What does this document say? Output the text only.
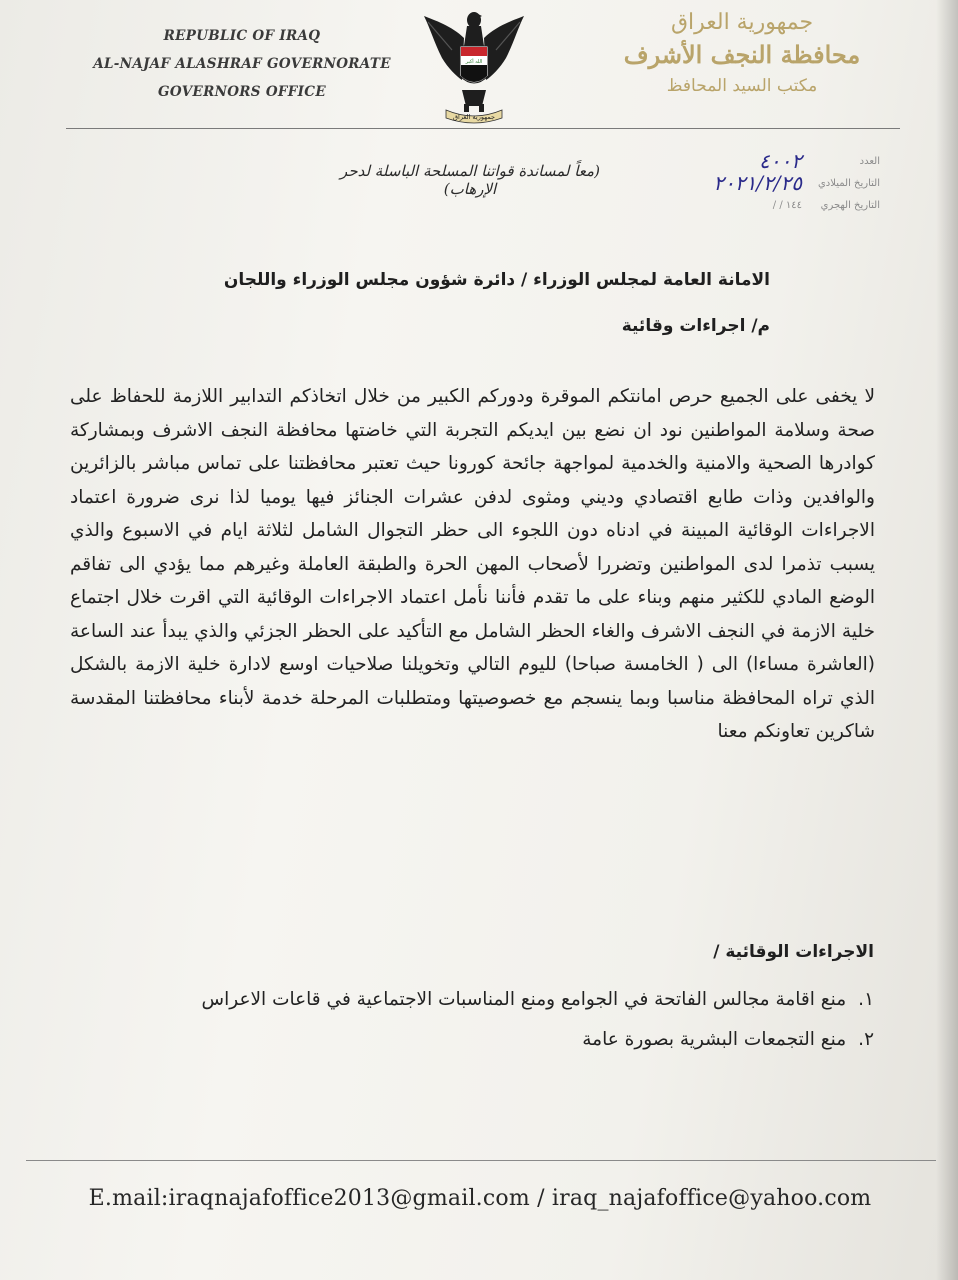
REPUBLIC OF IRAQ
AL-NAJAF ALASHRAF GOVERNORATE
GOVERNORS OFFICE
الله أكبر
جمهورية العراق
جمهورية العراق
محافظة النجف الأشرف
مكتب السيد المحافظ
(معاً لمساندة قواتنا المسلحة الباسلة لدحر الإرهاب)
العدد
٤٠٠٢
التاريخ الميلادي
٢٠٢١/٢/٢٥
التاريخ الهجري
/ / ١٤٤
الامانة العامة لمجلس الوزراء / دائرة شؤون مجلس الوزراء واللجان
م/ اجراءات وقائية
لا يخفى على الجميع حرص امانتكم الموقرة ودوركم الكبير من خلال اتخاذكم التدابير اللازمة للحفاظ على صحة وسلامة المواطنين نود ان نضع بين ايديكم التجربة التي خاضتها محافظة النجف الاشرف وبمشاركة كوادرها الصحية والامنية والخدمية لمواجهة جائحة كورونا حيث تعتبر محافظتنا على تماس مباشر بالزائرين والوافدين وذات طابع اقتصادي وديني ومثوى لدفن عشرات الجنائز فيها يوميا لذا نرى ضرورة اعتماد الاجراءات الوقائية المبينة في ادناه دون اللجوء الى حظر التجوال الشامل لثلاثة ايام في الاسبوع والذي يسبب تذمرا لدى المواطنين وتضررا لأصحاب المهن الحرة والطبقة العاملة وغيرهم مما يؤدي الى تفاقم الوضع المادي للكثير منهم وبناء على ما تقدم فأننا نأمل اعتماد الاجراءات الوقائية التي اقرت خلال اجتماع خلية الازمة في النجف الاشرف والغاء الحظر الشامل مع التأكيد على الحظر الجزئي والذي يبدأ عند الساعة (العاشرة مساءا) الى ( الخامسة صباحا) لليوم التالي وتخويلنا صلاحيات اوسع لادارة خلية الازمة بالشكل الذي تراه المحافظة مناسبا وبما ينسجم مع خصوصيتها ومتطلبات المرحلة خدمة لأبناء محافظتنا المقدسة شاكرين تعاونكم معنا
الاجراءات الوقائية /
١. منع اقامة مجالس الفاتحة في الجوامع ومنع المناسبات الاجتماعية في قاعات الاعراس
٢. منع التجمعات البشرية بصورة عامة
E.mail:iraqnajafoffice2013@gmail.com / iraq_najafoffice@yahoo.com
